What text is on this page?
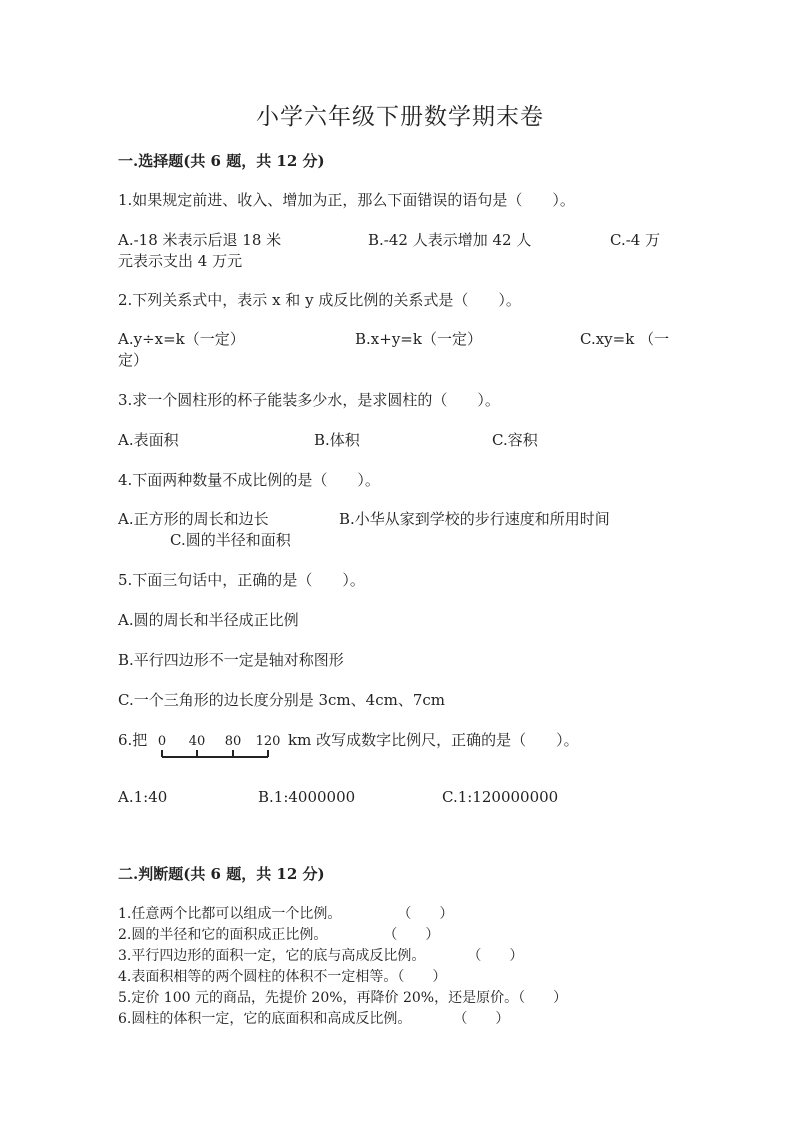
小学六年级下册数学期末卷
一.选择题(共 6 题，共 12 分)
1.如果规定前进、收入、增加为正，那么下面错误的语句是（　　）。
A.-18 米表示后退 18 米	B.-42 人表示增加 42 人	C.-4 万
元表示支出 4 万元
2.下列关系式中，表示 x 和 y 成反比例的关系式是（　　）。
A.y÷x=k（一定）	B.x+y=k（一定）	C.xy=k （一
定）
3.求一个圆柱形的杯子能装多少水，是求圆柱的（　　）。
A.表面积	B.体积	C.容积
4.下面两种数量不成比例的是（　　）。
A.正方形的周长和边长	B.小华从家到学校的步行速度和所用时间
C.圆的半径和面积
5.下面三句话中，正确的是（　　）。
A.圆的周长和半径成正比例
B.平行四边形不一定是轴对称图形
C.一个三角形的边长度分别是 3cm、4cm、7cm
6.把 0 40 80 120 km 改写成数字比例尺，正确的是（　　）。
A.1:40	B.1:4000000	C.1:120000000
二.判断题(共 6 题，共 12 分)
1.任意两个比都可以组成一个比例。　　　　　（　　）
2.圆的半径和它的面积成正比例。　　　　　（　　）
3.平行四边形的面积一定，它的底与高成反比例。　　　　（　　）
4.表面积相等的两个圆柱的体积不一定相等。（　　）
5.定价 100 元的商品，先提价 20%，再降价 20%，还是原价。（　　）
6.圆柱的体积一定，它的底面积和高成反比例。　　　　（　　）
